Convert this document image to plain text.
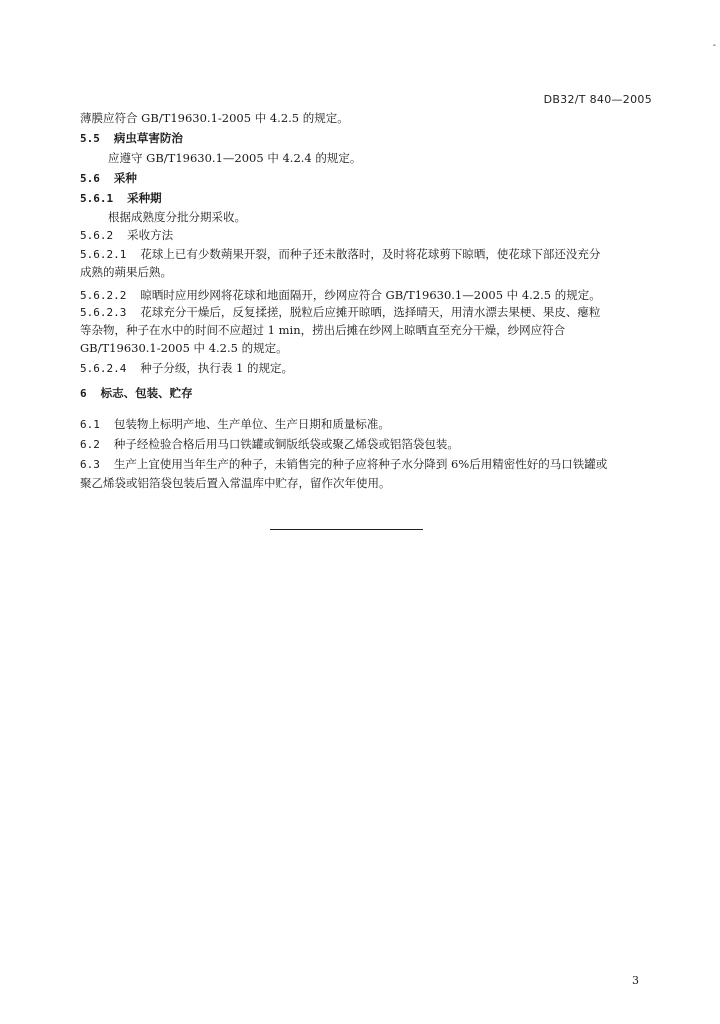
-
DB32/T 840—2005
薄膜应符合 GB/T19630.1-2005 中 4.2.5 的规定。
5.5 病虫草害防治
应遵守 GB/T19630.1—2005 中 4.2.4 的规定。
5.6 采种
5.6.1 采种期
根据成熟度分批分期采收。
5.6.2 采收方法
5.6.2.1 花球上已有少数蒴果开裂，而种子还未散落时，及时将花球剪下晾晒，使花球下部还没充分
成熟的蒴果后熟。
5.6.2.2 晾晒时应用纱网将花球和地面隔开，纱网应符合 GB/T19630.1—2005 中 4.2.5 的规定。
5.6.2.3 花球充分干燥后，反复揉搓，脱粒后应摊开晾晒，选择晴天，用清水漂去果梗、果皮、瘪粒
等杂物，种子在水中的时间不应超过 1 min，捞出后摊在纱网上晾晒直至充分干燥，纱网应符合
GB/T19630.1-2005 中 4.2.5 的规定。
5.6.2.4 种子分级，执行表 1 的规定。
6 标志、包装、贮存
6.1 包装物上标明产地、生产单位、生产日期和质量标准。
6.2 种子经检验合格后用马口铁罐或铜版纸袋或聚乙烯袋或铝箔袋包装。
6.3 生产上宜使用当年生产的种子，未销售完的种子应将种子水分降到 6%后用精密性好的马口铁罐或
聚乙烯袋或铝箔袋包装后置入常温库中贮存，留作次年使用。
3
